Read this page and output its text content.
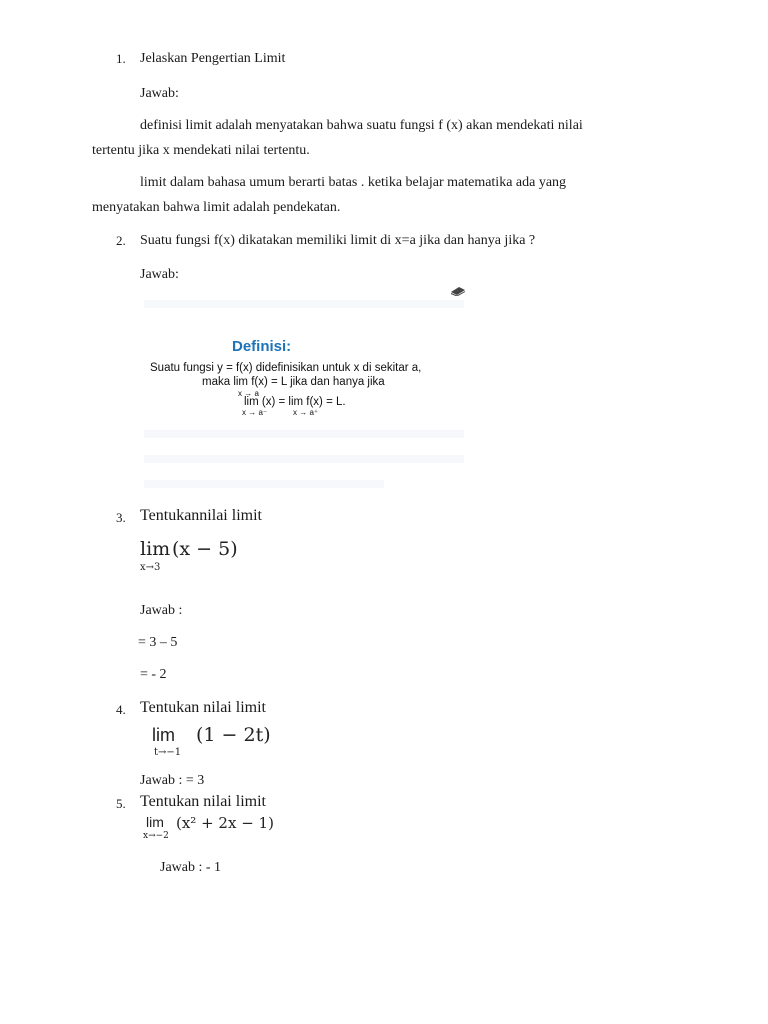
1. Jelaskan Pengertian Limit
Jawab:
definisi limit adalah menyatakan bahwa suatu fungsi f (x) akan mendekati nilai
tertentu jika x mendekati nilai tertentu.
limit dalam bahasa umum berarti batas . ketika belajar matematika ada yang
menyatakan bahwa limit adalah pendekatan.
2. Suatu fungsi f(x) dikatakan memiliki limit di x=a jika dan hanya jika ?
Jawab:
Definisi:
Suatu fungsi y = f(x) didefinisikan untuk x di sekitar a,
maka lim f(x) = L jika dan hanya jika
x → a
lim (x) = lim f(x) = L.
x → a⁻	x → a⁺
3. Tentukannilai limit
lim (x − 5)
x→3
Jawab :
= 3 – 5
= - 2
4. Tentukan nilai limit
lim (1 − 2t)
t→−1
Jawab : = 3
5. Tentukan nilai limit
lim (x² + 2x − 1)
x→−2
Jawab : - 1
